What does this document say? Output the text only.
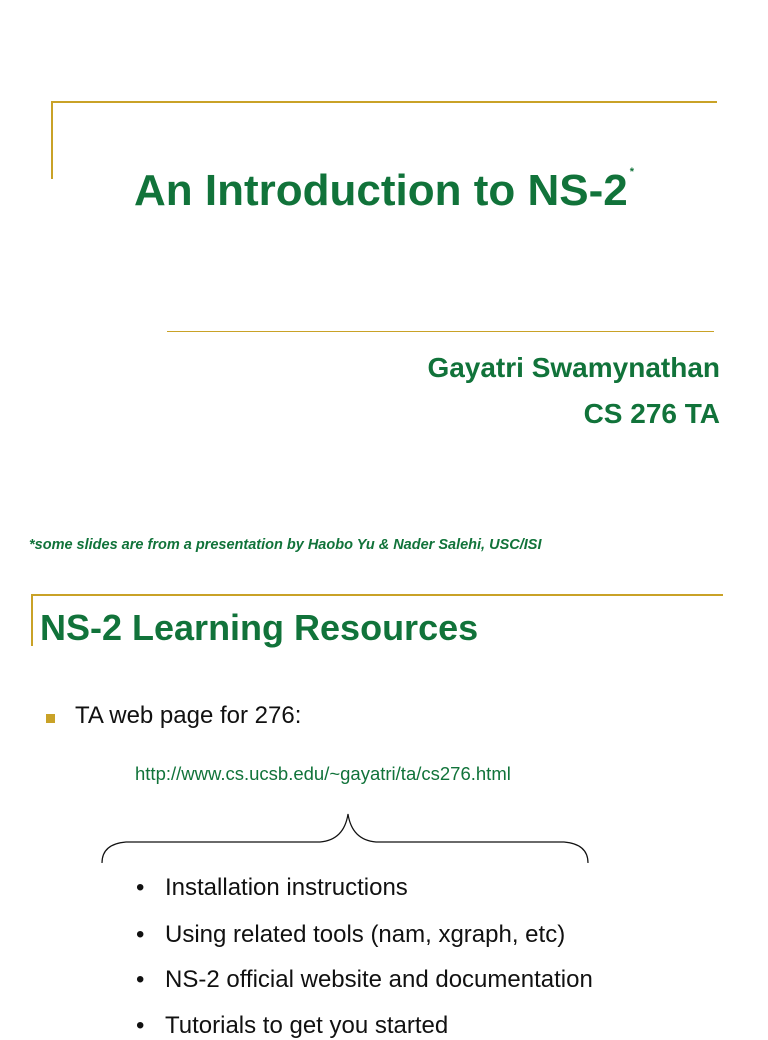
An Introduction to NS-2 *
Gayatri Swamynathan
CS 276 TA
*some slides are from a presentation by Haobo Yu & Nader Salehi, USC/ISI
NS-2 Learning Resources
TA web page for 276:
http://www.cs.ucsb.edu/~gayatri/ta/cs276.html
• Installation instructions
• Using related tools (nam, xgraph, etc)
• NS-2 official website and documentation
• Tutorials to get you started
